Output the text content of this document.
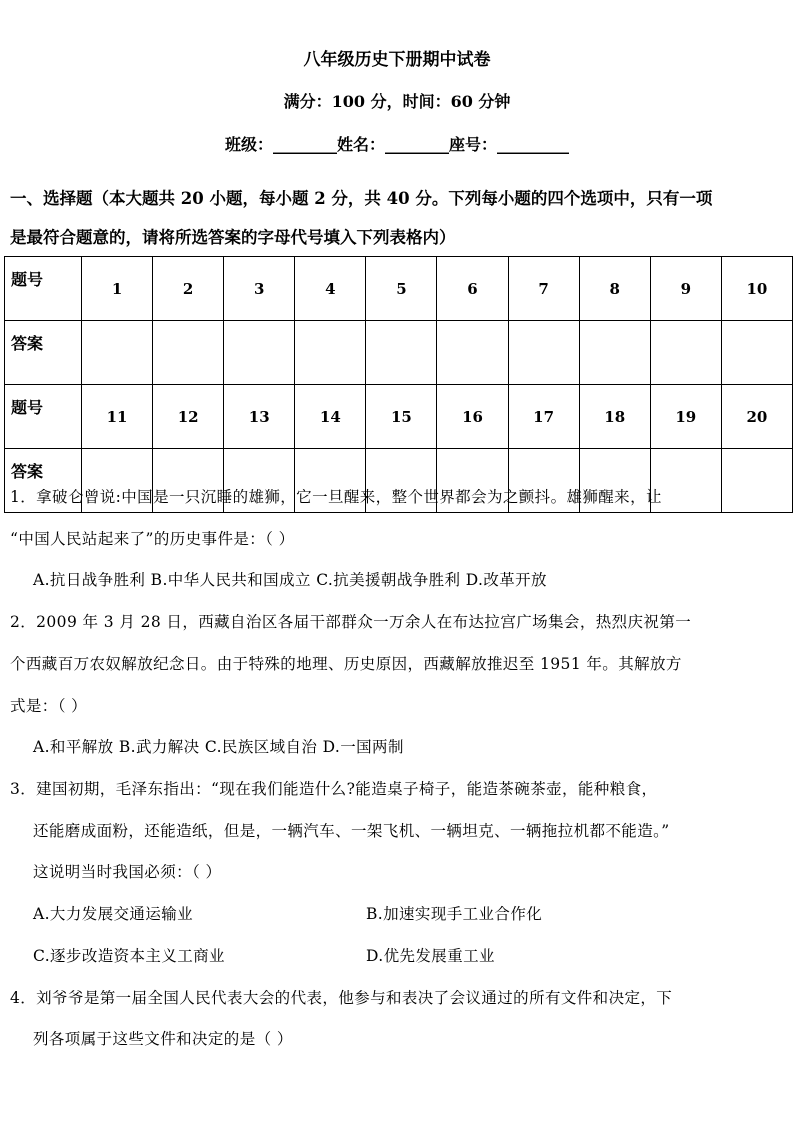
八年级历史下册期中试卷
满分：100 分，时间：60 分钟
班级：________姓名：________座号：_________
一、选择题（本大题共 20 小题，每小题 2 分，共 40 分。下列每小题的四个选项中，只有一项
是最符合题意的，请将所选答案的字母代号填入下列表格内）
题号	1	2	3	4	5	6	7	8	9	10
答案										
题号	11	12	13	14	15	16	17	18	19	20
答案										
1．拿破仑曾说:中国是一只沉睡的雄狮，它一旦醒来，整个世界都会为之颤抖。雄狮醒来，让
“中国人民站起来了”的历史事件是：（ ）
A.抗日战争胜利 B.中华人民共和国成立 C.抗美援朝战争胜利 D.改革开放
2．2009 年 3 月 28 日，西藏自治区各届干部群众一万余人在布达拉宫广场集会，热烈庆祝第一
个西藏百万农奴解放纪念日。由于特殊的地理、历史原因，西藏解放推迟至 1951 年。其解放方
式是：（ ）
A.和平解放 B.武力解决 C.民族区域自治 D.一国两制
3．建国初期，毛泽东指出：“现在我们能造什么?能造桌子椅子，能造茶碗茶壶，能种粮食，
还能磨成面粉，还能造纸，但是，一辆汽车、一架飞机、一辆坦克、一辆拖拉机都不能造。”
这说明当时我国必须：（ ）
A.大力发展交通运输业	B.加速实现手工业合作化
C.逐步改造资本主义工商业	D.优先发展重工业
4．刘爷爷是第一届全国人民代表大会的代表，他参与和表决了会议通过的所有文件和决定，下
列各项属于这些文件和决定的是（ ）
